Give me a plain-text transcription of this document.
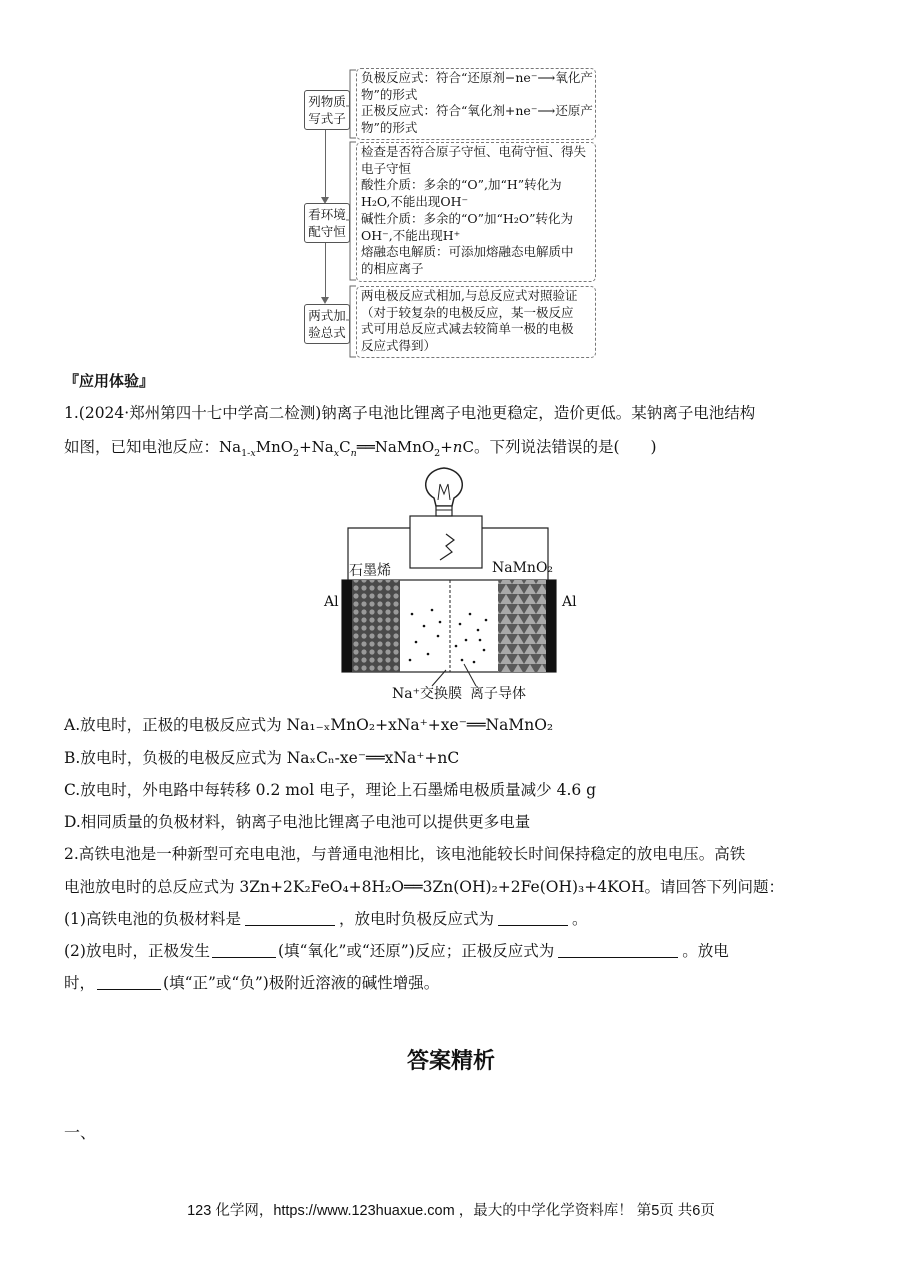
列物质写式子
看环境配守恒
两式加验总式
负极反应式：符合“还原剂−ne⁻⟶氧化产
物”的形式
正极反应式：符合“氧化剂+ne⁻⟶还原产
物”的形式
检查是否符合原子守恒、电荷守恒、得失
电子守恒
酸性介质：多余的“O”,加“H”转化为
H₂O,不能出现OH⁻
碱性介质：多余的“O”加“H₂O”转化为
OH⁻,不能出现H⁺
熔融态电解质：可添加熔融态电解质中
的相应离子
两电极反应式相加,与总反应式对照验证
（对于较复杂的电极反应，某一极反应
式可用总反应式减去较简单一极的电极
反应式得到）
『应用体验』
1.(2024·郑州第四十七中学高二检测)钠离子电池比锂离子电池更稳定，造价更低。某钠离子电池结构
如图，已知电池反应：$Na_{1-x}MnO_2+Na_xC_n══NaMnO_2+nC$。下列说法错误的是(　　)
石墨烯	NaMnO₂
Al	Al
Na⁺交换膜 离子导体
A.放电时，正极的电极反应式为 Na₁₋ₓMnO₂+xNa⁺+xe⁻══NaMnO₂
B.放电时，负极的电极反应式为 NaₓCₙ-xe⁻══xNa⁺+nC
C.放电时，外电路中每转移 0.2 mol 电子，理论上石墨烯电极质量减少 4.6 g
D.相同质量的负极材料，钠离子电池比锂离子电池可以提供更多电量
2.高铁电池是一种新型可充电电池，与普通电池相比，该电池能较长时间保持稳定的放电电压。高铁
电池放电时的总反应式为 3Zn+2K₂FeO₄+8H₂O══3Zn(OH)₂+2Fe(OH)₃+4KOH。请回答下列问题：
(1)高铁电池的负极材料是	，放电时负极反应式为	。
(2)放电时，正极发生	(填“氧化”或“还原”)反应；正极反应式为	。放电
时，	(填“正”或“负”)极附近溶液的碱性增强。
答案精析
一、
123 化学网，https://www.123huaxue.com ，最大的中学化学资料库！ 第5页 共6页
